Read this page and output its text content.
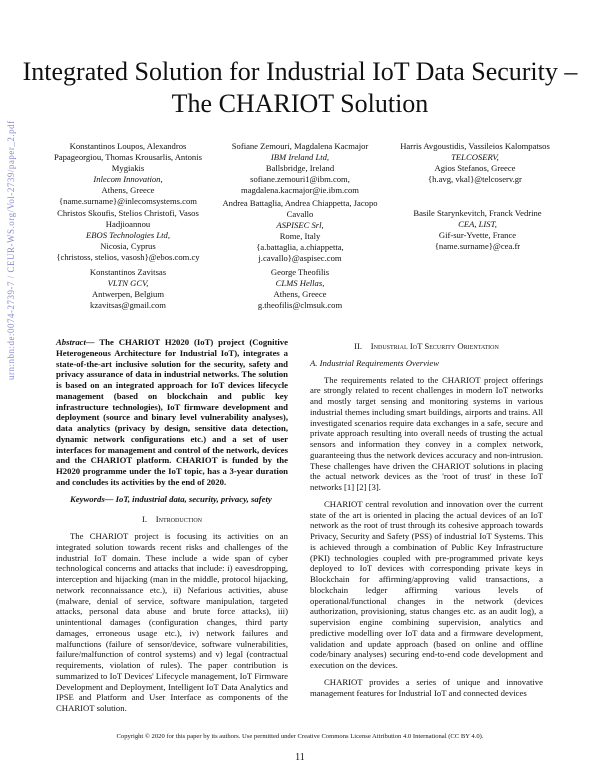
Integrated Solution for Industrial IoT Data Security – The CHARIOT Solution
urn:nbn:de:0074-2739-7 / CEUR-WS.org/Vol-2739/paper_2.pdf	Konstantinos Loupos, Alexandros Papageorgiou, Thomas Krousarlis, Antonis Mygiakis
Inlecom Innovation,
Athens, Greece
{name.surname}@inlecomsystems.com
Sofiane Zemouri, Magdalena Kacmajor
IBM Ireland Ltd,
Ballsbridge, Ireland
sofiane.zemouri1@ibm.com, magdalena.kacmajor@ie.ibm.com
Harris Avgoustidis, Vassileios Kalompatsos
TELCOSERV,
Agios Stefanos, Greece
{h.avg, vkal}@telcoserv.gr
Christos Skoufis, Stelios Christofi, Vasos Hadjioannou
EBOS Technologies Ltd,
Nicosia, Cyprus
{christoss, stelios, vasosh}@ebos.com.cy
Andrea Battaglia, Andrea Chiappetta, Jacopo Cavallo
ASPISEC Srl,
Rome, Italy
{a.battaglia, a.chiappetta, j.cavallo}@aspisec.com
Basile Starynkevitch, Franck Vedrine
CEA, LIST,
Gif-sur-Yvette, France
{name.surname}@cea.fr
Konstantinos Zavitsas
VLTN GCV,
Antwerpen, Belgium
kzavitsas@gmail.com
George Theofilis
CLMS Hellas,
Athens, Greece
g.theofilis@clmsuk.com

Abstract— The CHARIOT H2020 (IoT) project (Cognitive Heterogeneous Architecture for Industrial IoT), integrates a state-of-the-art inclusive solution for the security, safety and privacy assurance of data in industrial networks. The solution is based on an integrated approach for IoT devices lifecycle management (based on blockchain and public key infrastructure technologies), IoT firmware development and deployment (source and binary level vulnerability analyses), data analytics (privacy by design, sensitive data detection, dynamic network configurations etc.) and a set of user interfaces for management and control of the network, devices and the CHARIOT platform. CHARIOT is funded by the H2020 programme under the IoT topic, has a 3-year duration and concludes its activities by the end of 2020.

Keywords— IoT, industrial data, security, privacy, safety

I. Introduction

The CHARIOT project is focusing its activities on an integrated solution towards recent risks and challenges of the industrial IoT domain. These include a wide span of cyber technological concerns and attacks that include: i) eavesdropping, interception and hijacking (man in the middle, protocol hijacking, network reconnaissance etc.), ii) Nefarious activities, abuse (malware, denial of service, software manipulation, targeted attacks, personal data abuse and brute force attacks), iii) unintentional damages (configuration changes, third party damages, erroneous usage etc.), iv) network failures and malfunctions (failure of sensor/device, software vulnerabilities, failure/malfunction of control systems) and v) legal (contractual requirements, violation of rules). The paper contribution is summarized to IoT Devices' Lifecycle management, IoT Firmware Development and Deployment, Intelligent IoT Data Analytics and IPSE and Platform and User Interface as components of the CHARIOT solution.

II. Industrial IoT Security Orientation

A. Industrial Requirements Overview

The requirements related to the CHARIOT project offerings are strongly related to recent challenges in modern IoT networks and mostly target sensing and monitoring systems in various industrial themes including smart buildings, airports and trains. All investigated scenarios require data exchanges in a safe, secure and private approach resulting into overall needs of trusting the actual sensors and information they convey in a complex network, guaranteeing thus the network devices accuracy and non-intrusion. These challenges have driven the CHARIOT solutions in placing the actual network devices as the 'root of trust' in these IoT networks [1] [2] [3].

CHARIOT central revolution and innovation over the current state of the art is oriented in placing the actual devices of an IoT network as the root of trust through its cohesive approach towards Privacy, Security and Safety (PSS) of industrial IoT Systems. This is achieved through a combination of Public Key Infrastructure (PKI) technologies coupled with pre-programmed private keys deployed to IoT devices with corresponding private keys in Blockchain for affirming/approving valid transactions, a blockchain ledger affirming various levels of operational/functional changes in the network (devices authorization, provisioning, status changes etc. as an audit log), a supervision engine combining supervision, analytics and predictive modelling over IoT data and a firmware development, validation and update approach (based on online and offline code/binary analyses) securing end-to-end code development and execution on the devices.

CHARIOT provides a series of unique and innovative management features for Industrial IoT and connected devices

Copyright © 2020 for this paper by its authors. Use permitted under Creative Commons License Attribution 4.0 International (CC BY 4.0).
11
